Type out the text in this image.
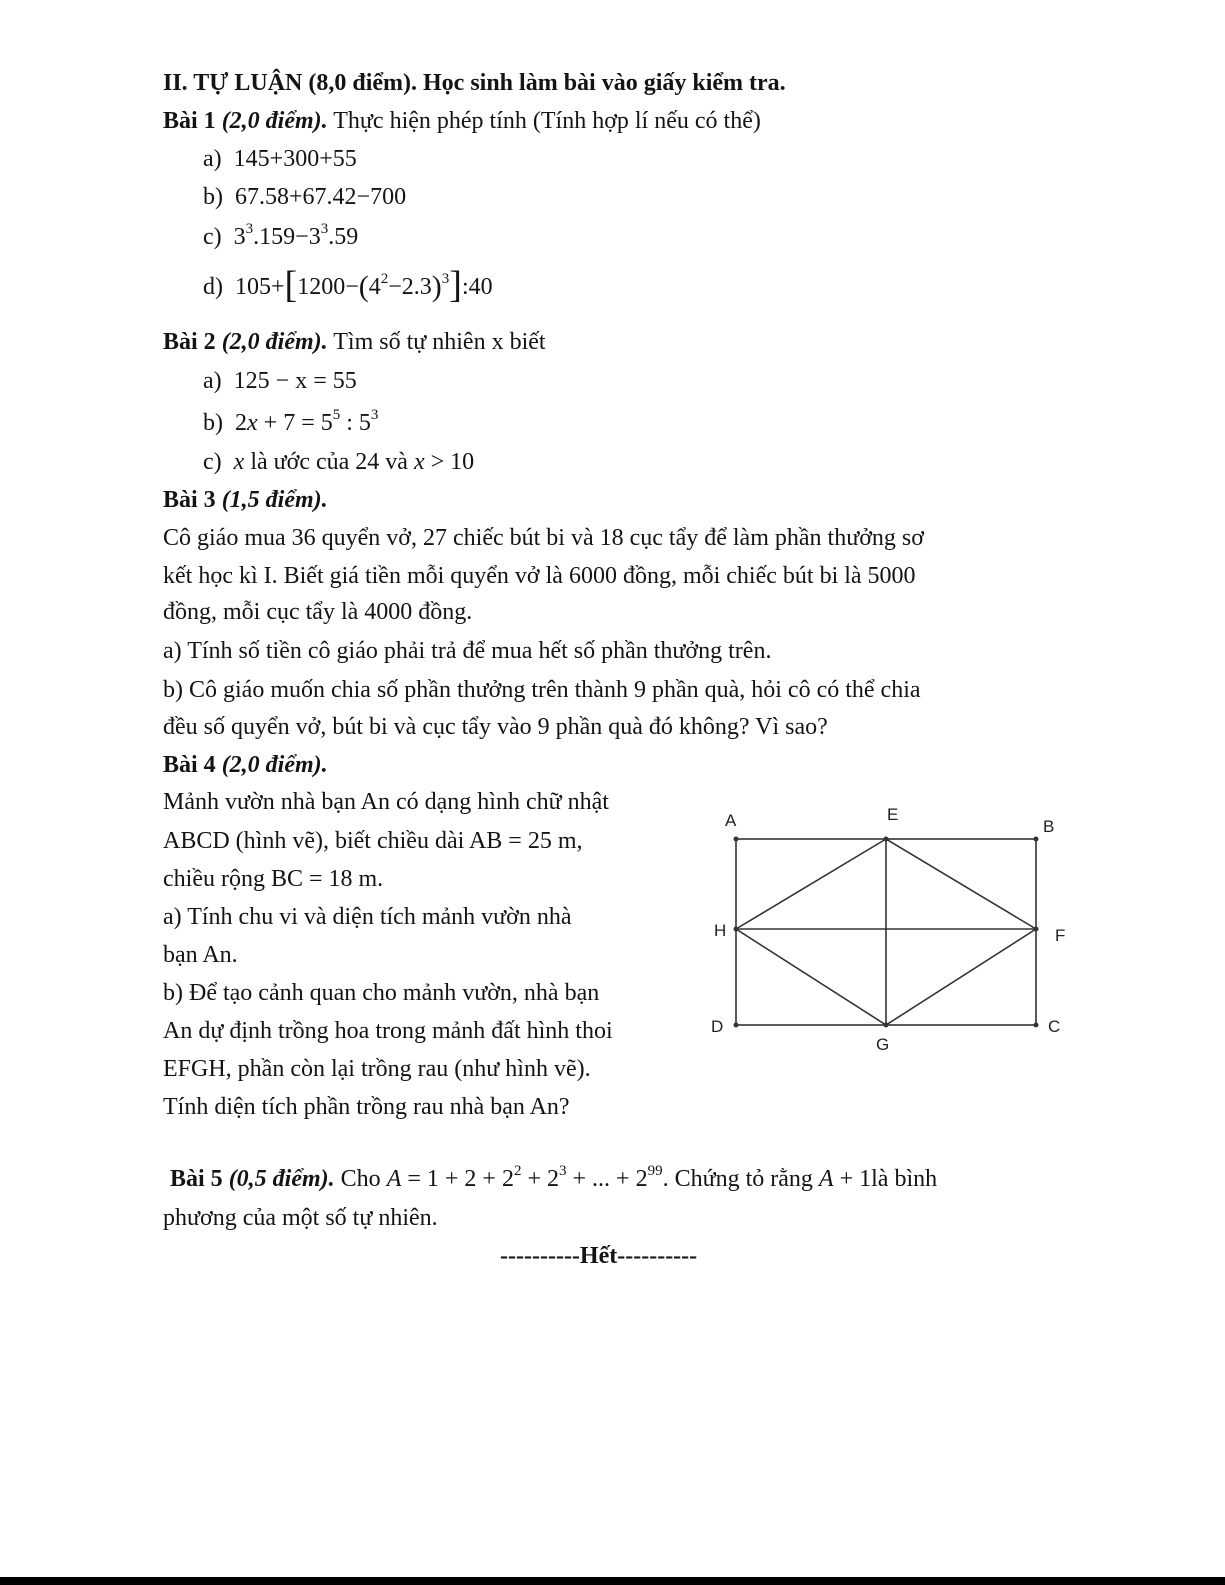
II. TỰ LUẬN (8,0 điểm). Học sinh làm bài vào giấy kiểm tra.
Bài 1 (2,0 điểm). Thực hiện phép tính (Tính hợp lí nếu có thể)
a) 145+300+55
b) 67.58+67.42−700
c) $3^3.159-3^3.59$
d) $105+[1200-(4^2-2.3)^3]:40$
Bài 2 (2,0 điểm). Tìm số tự nhiên x biết
a) 125 − x = 55
b) $2x + 7 = 5^5$ : $5^3$
c) x là ước của 24 và x > 10
Bài 3 (1,5 điểm).
Cô giáo mua 36 quyển vở, 27 chiếc bút bi và 18 cục tẩy để làm phần thưởng sơ
kết học kì I. Biết giá tiền mỗi quyển vở là 6000 đồng, mỗi chiếc bút bi là 5000
đồng, mỗi cục tẩy là 4000 đồng.
a) Tính số tiền cô giáo phải trả để mua hết số phần thưởng trên.
b) Cô giáo muốn chia số phần thưởng trên thành 9 phần quà, hỏi cô có thể chia
đều số quyển vở, bút bi và cục tẩy vào 9 phần quà đó không? Vì sao?
Bài 4 (2,0 điểm).
Mảnh vườn nhà bạn An có dạng hình chữ nhật
ABCD (hình vẽ), biết chiều dài AB = 25 m,
chiều rộng BC = 18 m.
a) Tính chu vi và diện tích mảnh vườn nhà
bạn An.
b) Để tạo cảnh quan cho mảnh vườn, nhà bạn
An dự định trồng hoa trong mảnh đất hình thoi
EFGH, phần còn lại trồng rau (như hình vẽ).
Tính diện tích phần trồng rau nhà bạn An?
A	B
C
D
E
F
G
H
Bài 5 (0,5 điểm). Cho $A = 1 + 2 + 2^2 + 2^3$ + ... + $2^{99}$. Chứng tỏ rằng A + 1là bình
phương của một số tự nhiên.
----------Hết----------
